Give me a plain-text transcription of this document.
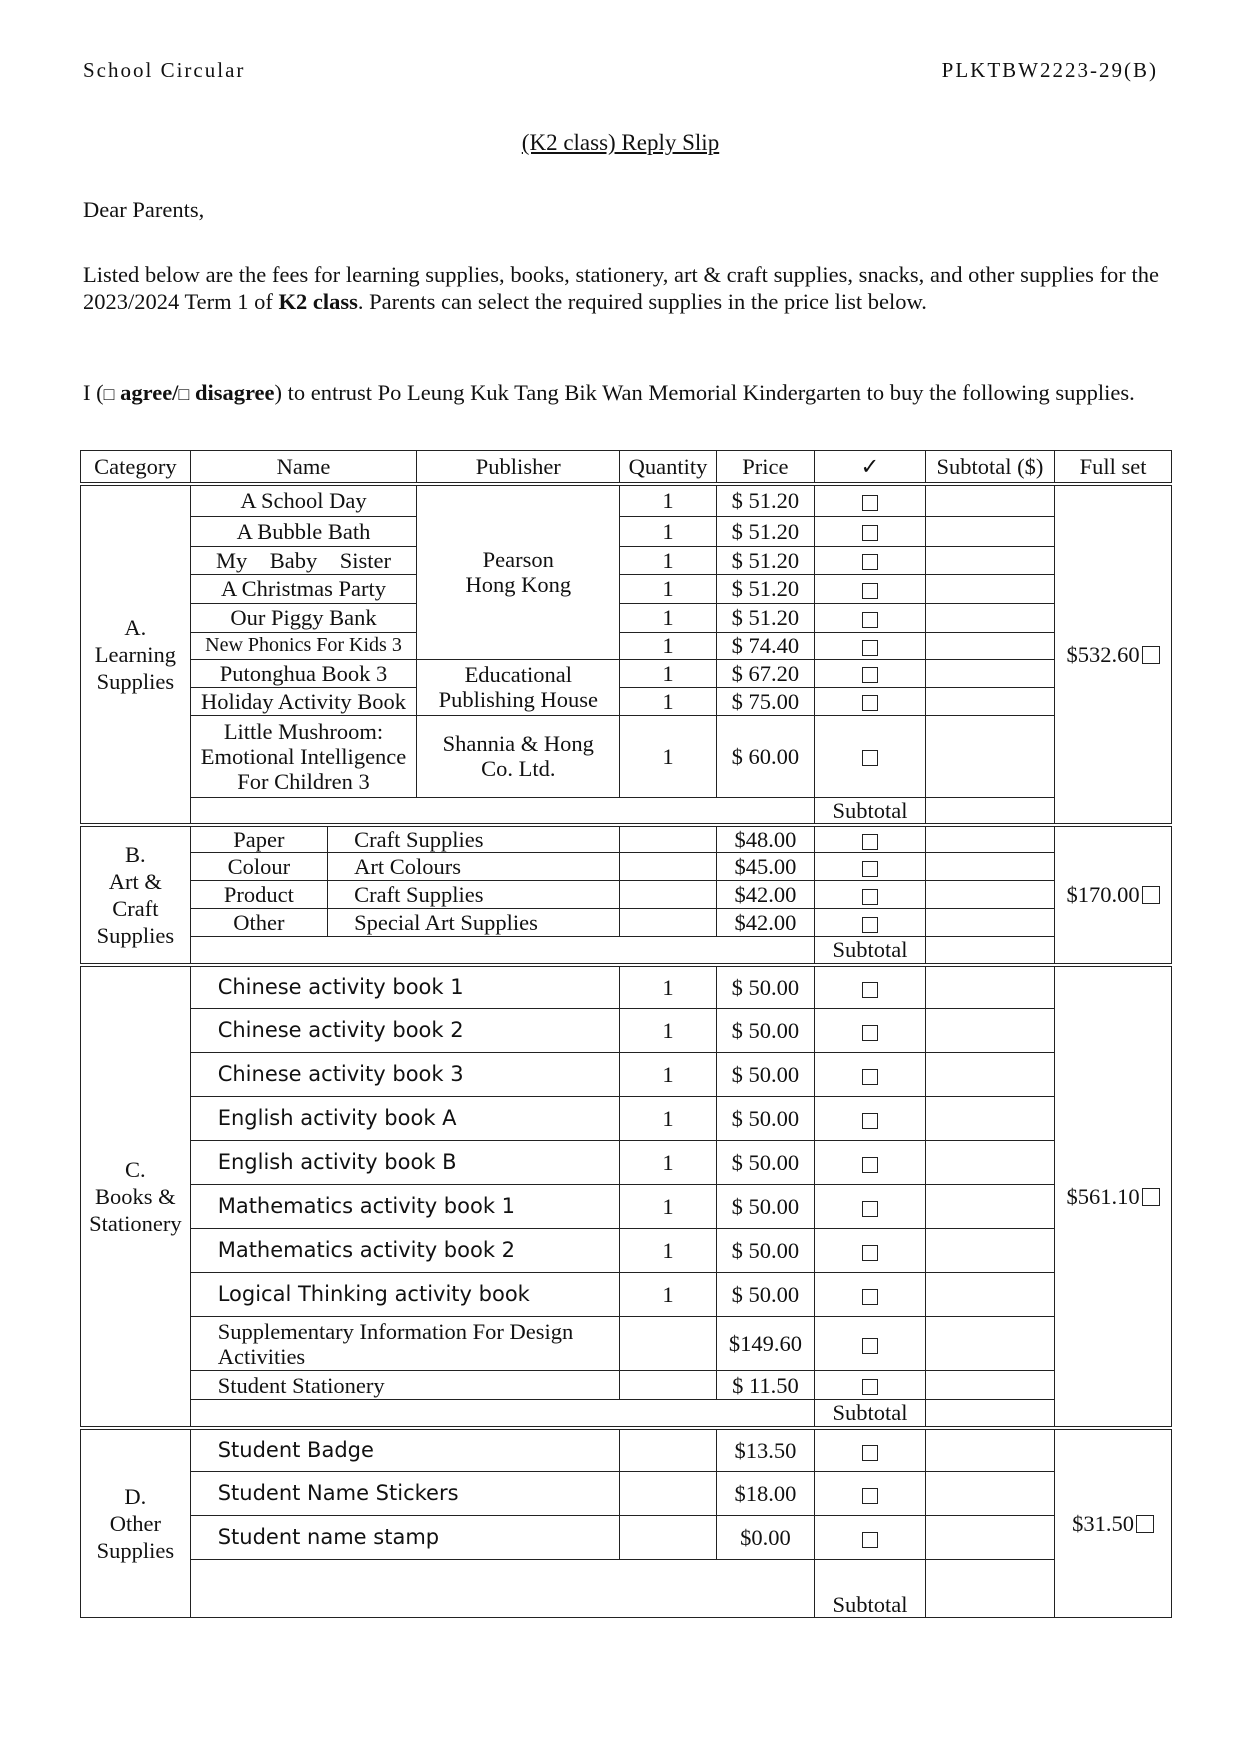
School Circular	PLKTBW2223-29(B)
(K2 class) Reply Slip
Dear Parents,
Listed below are the fees for learning supplies, books, stationery, art & craft supplies, snacks, and other supplies for the 2023/2024 Term 1 of K2 class. Parents can select the required supplies in the price list below.
I (□ agree/□ disagree) to entrust Po Leung Kuk Tang Bik Wan Memorial Kindergarten to buy the following supplies.
Category	Name		Publisher	Quantity	Price	✓	Subtotal ($)	Full set
A.
Learning
Supplies	A School Day		Pearson Hong Kong	1	$ 51.20			$532.60
	A Bubble Bath			1	$ 51.20			
	My    Baby    Sister			1	$ 51.20			
	A Christmas Party			1	$ 51.20			
	Our Piggy Bank			1	$ 51.20			
	New Phonics For Kids 3			1	$ 74.40			
	Putonghua Book 3		Educational Publishing House	1	$ 67.20			
	Holiday Activity Book			1	$ 75.00			
	Little Mushroom: Emotional Intelligence For Children 3		Shannia & Hong Co. Ltd.	1	$ 60.00			
						Subtotal		
B.
Art &
Craft
Supplies	Paper	Craft Supplies			$48.00			$170.00
	Colour	Art Colours			$45.00			
	Product	Craft Supplies			$42.00			
	Other	Special Art Supplies			$42.00			
						Subtotal		
C.
Books &
Stationery	Chinese activity book 1			1	$ 50.00			$561.10
	Chinese activity book 2			1	$ 50.00			
	Chinese activity book 3			1	$ 50.00			
	English activity book A			1	$ 50.00			
	English activity book B			1	$ 50.00			
	Mathematics activity book 1			1	$ 50.00			
	Mathematics activity book 2			1	$ 50.00			
	Logical Thinking activity book			1	$ 50.00			
	Supplementary Information For Design Activities				$149.60			
	Student Stationery				$ 11.50			
						Subtotal		
D.
Other
Supplies	Student Badge				$13.50			$31.50
	Student Name Stickers				$18.00			
	Student name stamp				$0.00			
						Subtotal		
